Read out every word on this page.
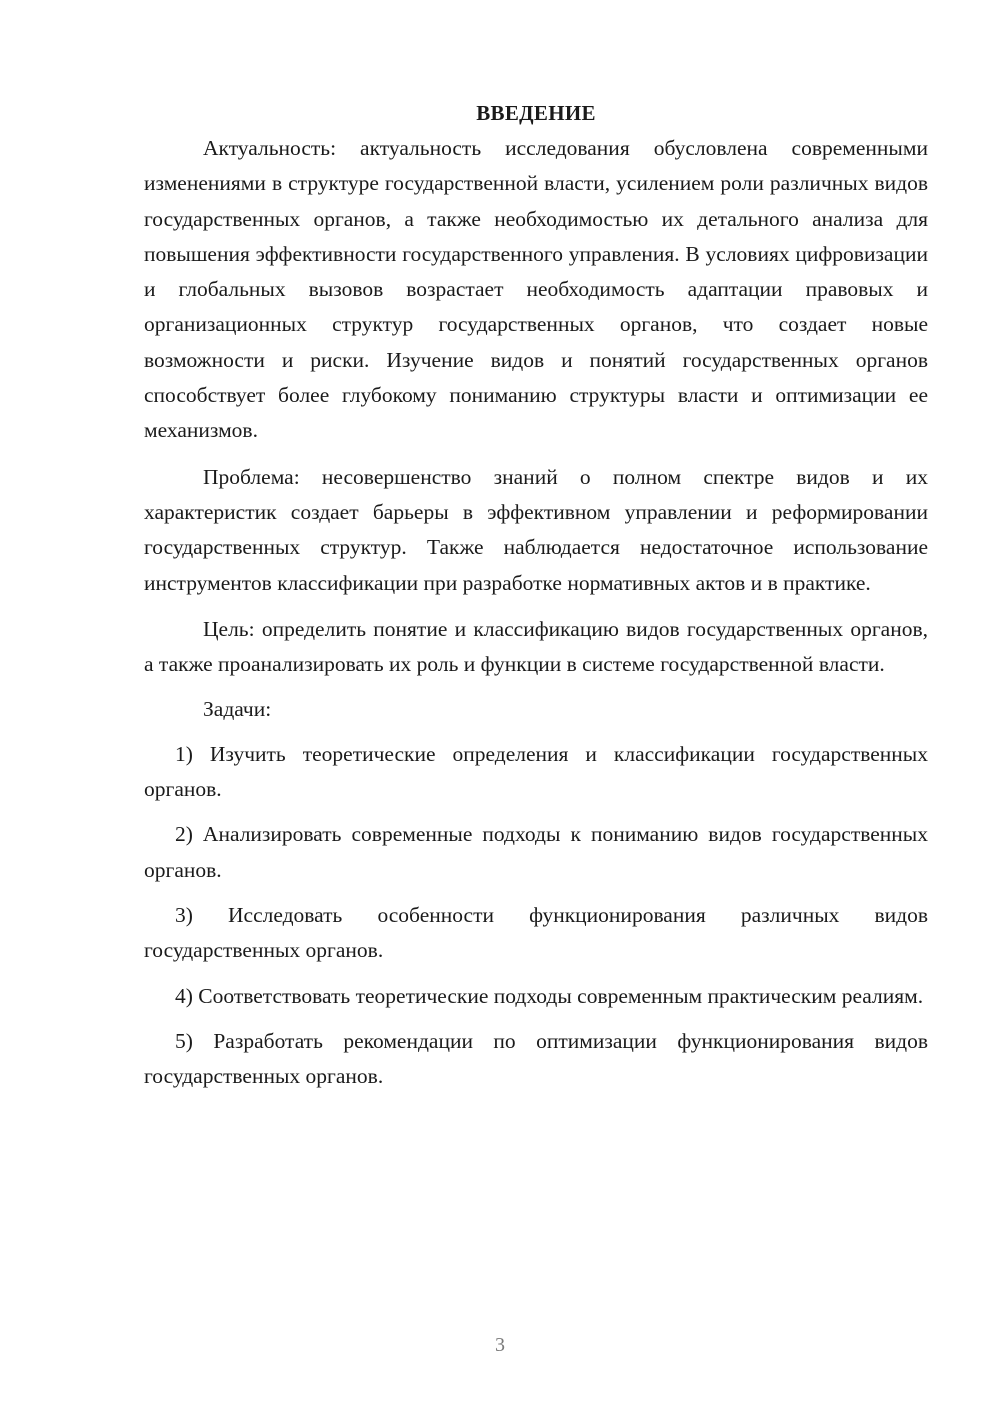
ВВЕДЕНИЕ

Актуальность: актуальность исследования обусловлена современными изменениями в структуре государственной власти, усилением роли различных видов государственных органов, а также необходимостью их детального анализа для повышения эффективности государственного управления. В условиях цифровизации и глобальных вызовов возрастает необходимость адаптации правовых и организационных структур государственных органов, что создает новые возможности и риски. Изучение видов и понятий государственных органов способствует более глубокому пониманию структуры власти и оптимизации ее механизмов.

Проблема: несовершенство знаний о полном спектре видов и их характеристик создает барьеры в эффективном управлении и реформировании государственных структур. Также наблюдается недостаточное использование инструментов классификации при разработке нормативных актов и в практике.

Цель: определить понятие и классификацию видов государственных органов, а также проанализировать их роль и функции в системе государственной власти.

Задачи:

1) Изучить теоретические определения и классификации государственных органов.

2) Анализировать современные подходы к пониманию видов государственных органов.

3) Исследовать особенности функционирования различных видов государственных органов.

4) Соответствовать теоретические подходы современным практическим реалиям.

5) Разработать рекомендации по оптимизации функционирования видов государственных органов.

3
